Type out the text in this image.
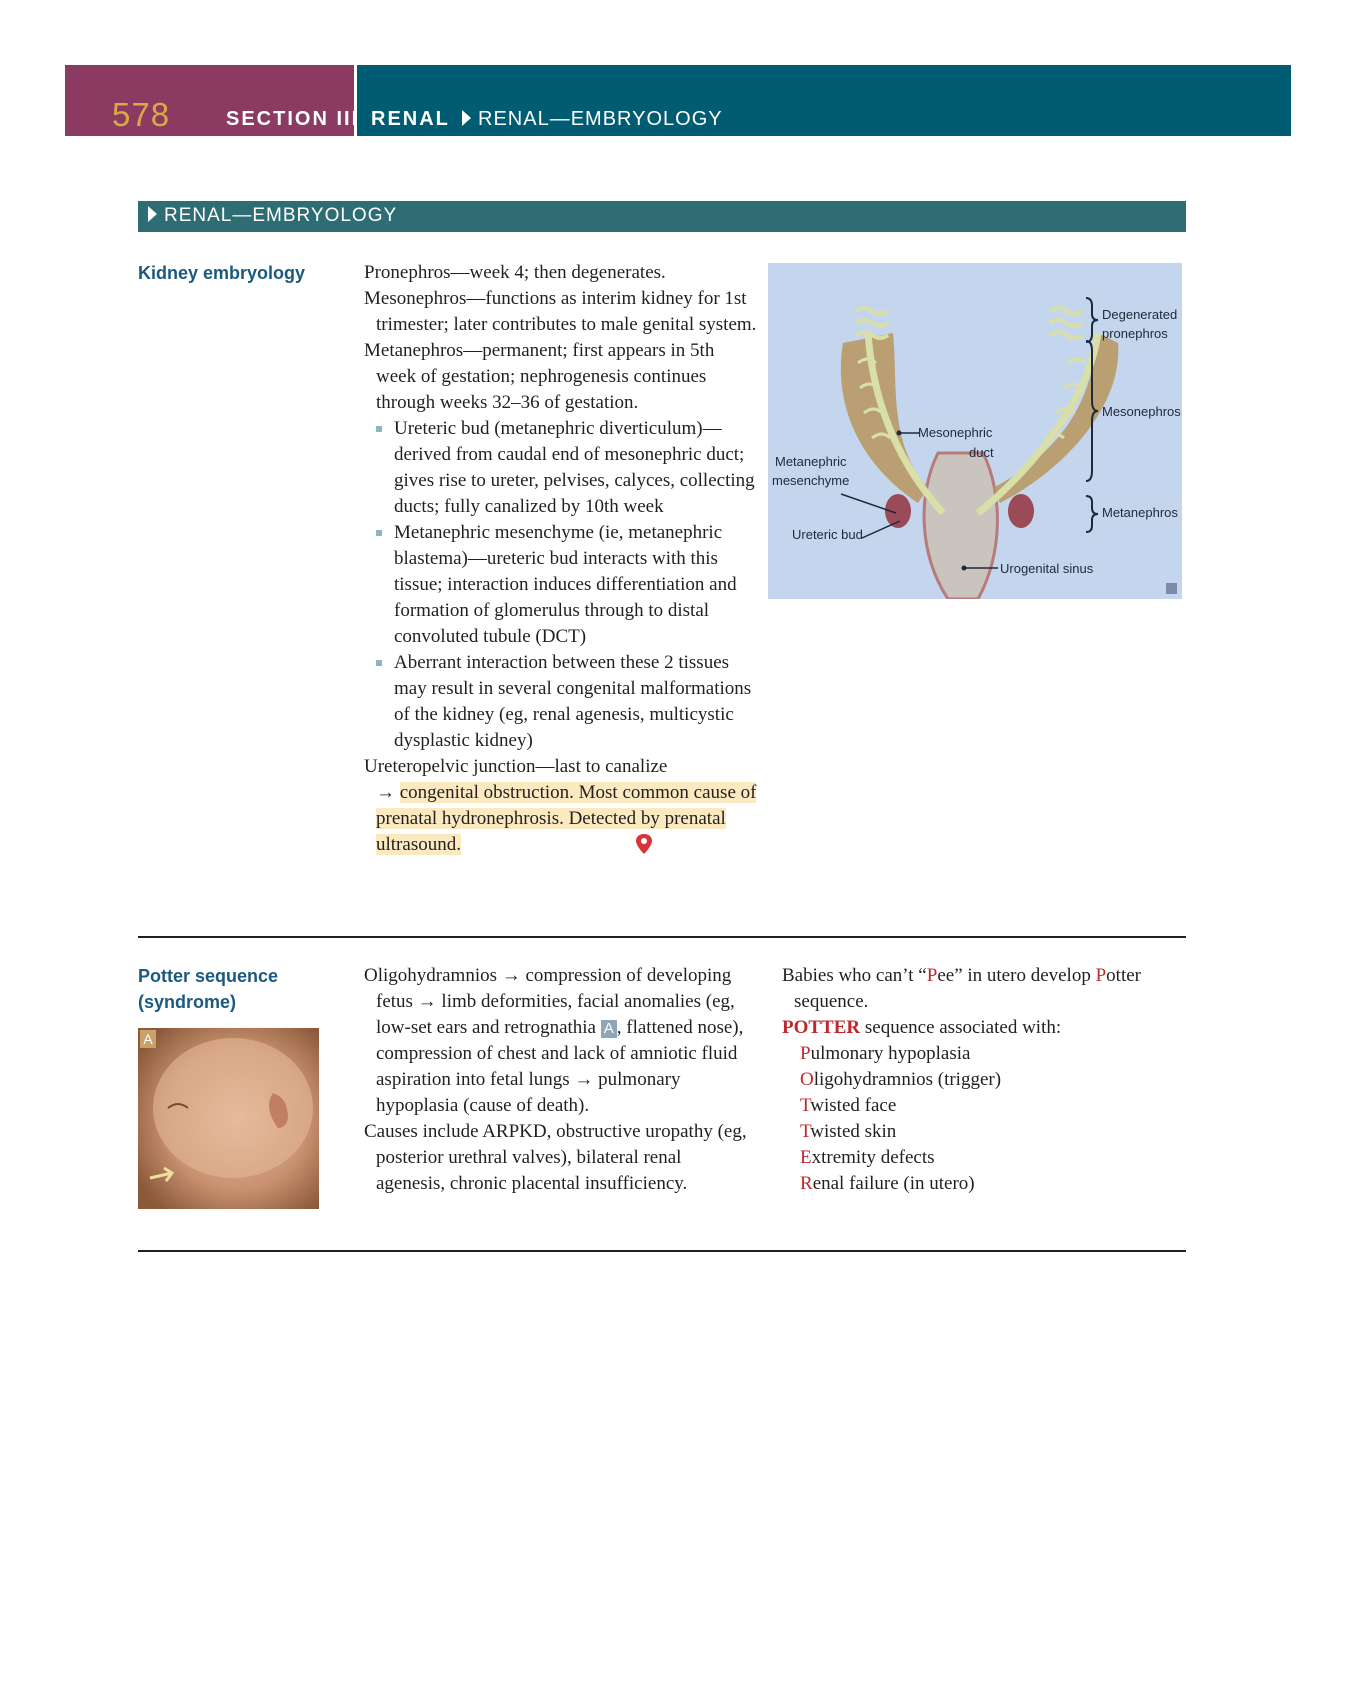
578	SECTION III RENAL	RENAL—EMBRYOLOGY
RENAL—EMBRYOLOGY
Kidney embryology	Pronephros—week 4; then degenerates.

Mesonephros—functions as interim kidney for 1st trimester; later contributes to male genital system.

Metanephros—permanent; first appears in 5th week of gestation; nephrogenesis continues through weeks 32–36 of gestation.

Ureteric bud (metanephric diverticulum)—derived from caudal end of mesonephric duct; gives rise to ureter, pelvises, calyces, collecting ducts; fully canalized by 10th week

Metanephric mesenchyme (ie, metanephric blastema)—ureteric bud interacts with this tissue; interaction induces differentiation and formation of glomerulus through to distal convoluted tubule (DCT)

Aberrant interaction between these 2 tissues may result in several congenital malformations of the kidney (eg, renal agenesis, multicystic dysplastic kidney)

Ureteropelvic junction—last to canalize
→ congenital obstruction. Most common cause of prenatal hydronephrosis. Detected by prenatal ultrasound.

Degenerated
pronephros
Mesonephros
Metanephros
Mesonephric
duct
Metanephric
mesenchyme
Ureteric bud
Urogenital sinus
Potter sequence
(syndrome)
A

Oligohydramnios → compression of developing fetus → limb deformities, facial anomalies (eg, low-set ears and retrognathia A , flattened nose), compression of chest and lack of amniotic fluid aspiration into fetal lungs → pulmonary hypoplasia (cause of death).

Causes include ARPKD, obstructive uropathy (eg, posterior urethral valves), bilateral renal agenesis, chronic placental insufficiency.

Babies who can’t “Pee” in utero develop Potter sequence.

POTTER sequence associated with:

Pulmonary hypoplasia
Oligohydramnios (trigger)
Twisted face
Twisted skin
Extremity defects
Renal failure (in utero)
